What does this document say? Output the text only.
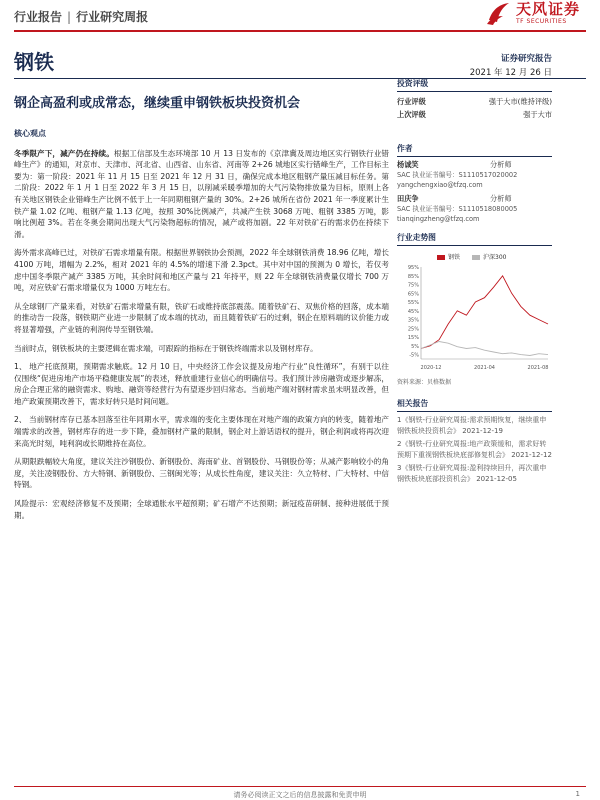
行业报告 | 行业研究周报	天风证券
TF SECURITIES
钢铁	证券研究报告
2021 年 12 月 26 日
钢企高盈利或成常态，继续重申钢铁板块投资机会
核心观点

冬季限产下，减产仍在持续。根据工信部及生态环境部 10 月 13 日发布的《京津冀及周边地区实行钢铁行业错峰生产》的通知，对京市、天津市、河北省、山西省、山东省、河南等 2+26 城地区实行错峰生产，工作目标主要为：第一阶段：2021 年 11 月 15 日至 2021 年 12 月 31 日，确保完成本地区粗钢产量压减目标任务。第二阶段：2022 年 1 月 1 日至 2022 年 3 月 15 日，以削减采暖季增加的大气污染物排放量为目标，原则上各有关地区钢铁企业错峰生产比例不低于上一年同期粗钢产量的 30%。2+26 城所在省份 2021 年一季度累计生铁产量 1.02 亿吨、粗钢产量 1.13 亿吨，按照 30%比例减产，共减产生铁 3068 万吨、粗钢 3385 万吨，影响比例超 3%。若在冬奥会期间出现大气污染物超标的情况，减产或将加剧。22 年对铁矿石的需求仍在持续下滑。

海外需求高峰已过，对铁矿石需求增量有限。根据世界钢铁协会预测，2022 年全球钢铁消费 18.96 亿吨，增长 4100 万吨，增幅为 2.2%，相对 2021 年的 4.5%的增速下滑 2.3pct。其中对中国的预测为 0 增长，若仅考虑中国冬季限产减产 3385 万吨，其余时间和地区产量与 21 年持平，则 22 年全球钢铁消费量仅增长 700 万吨，对应铁矿石需求增量仅为 1000 万吨左右。

从全球钢厂产量来看，对铁矿石需求增量有限，铁矿石或维持底部震荡。随着铁矿石、双焦价格的回落，成本端的推动告一段落，钢铁期产业进一步限制了成本端的扰动，而且随着铁矿石的过剩，钢企在原料端的议价能力或将显著增强，产业链的利润传导至钢铁端。

当前时点，钢铁板块的主要逻辑在需求端，可跟踪的指标在于钢铁终端需求以及钢材库存。

1、 地产托底预期，预期需求触底。12 月 10 日，中央经济工作会议提及房地产行业“良性循环”，有别于以往仅围绕“促进房地产市场平稳健康发展”的表述，释放重建行业信心的明确信号。我们预计涉房融资或逐步解冻，房企合理正常的融资需求、购地、融资等经营行为有望逐步回归常态。当前地产端对钢材需求虽未明显改善，但地产政策预期改善下，需求好转只是时间问题。

2、 当前钢材库存已基本回落至往年同期水平，需求端的变化主要体现在对地产端的政策方向的转变，随着地产端需求的改善，钢材库存的进一步下降，叠加钢材产量的限制，钢企对上游话语权的提升，钢企利润或将再次迎来高光时刻，吨利润或长期维持在高位。

从期限跌幅较大角度，建议关注沙钢股份、新钢股份、海南矿业、首钢股份、马钢股份等；从减产影响较小的角度，关注凌钢股份、方大特钢、新钢股份、三钢闽光等；从成长性角度，建议关注：久立特材、广大特材、中信特钢。

风险提示：宏观经济修复不及预期；全球通胀水平超预期；矿石增产不达预期；新冠疫苗研制、接种进展低于预期。

投资评级
行业评级	强于大市(维持评级)
上次评级	强于大市
作者
杨诚笑	分析师
SAC 执业证书编号：S1110517020002
yangchengxiao@tfzq.com
田庆争	分析师
SAC 执业证书编号：S1110518080005
tianqingzheng@tfzq.com
行业走势图
钢铁	沪深300
95%
85%
75%
65%
55%
45%
35%
25%
15%
5%
-5%
2020-12	2021-04	2021-08
资料来源：贝格数据
相关报告
1《钢铁-行业研究周报:需求预期恢复，继续重申钢铁板块投资机会》 2021-12-19
2《钢铁-行业研究周报:地产政策缓和，需求好转预期下重视钢铁板块底部修复机会》 2021-12-12
3《钢铁-行业研究周报:盈利持续回升，再次重申钢铁板块底部投资机会》 2021-12-05
请务必阅读正文之后的信息披露和免责申明	1
